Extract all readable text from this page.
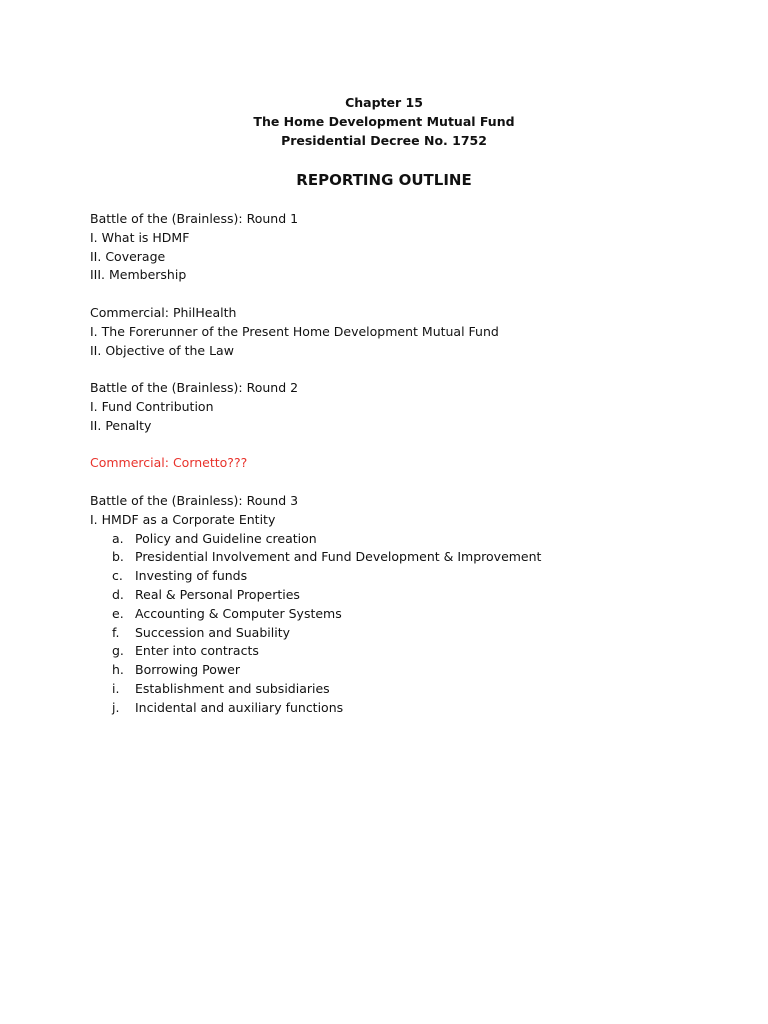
Chapter 15
The Home Development Mutual Fund
Presidential Decree No. 1752
REPORTING OUTLINE
Battle of the (Brainless): Round 1
I. What is HDMF
II. Coverage
III. Membership
Commercial: PhilHealth
I. The Forerunner of the Present Home Development Mutual Fund
II. Objective of the Law
Battle of the (Brainless): Round 2
I. Fund Contribution
II. Penalty
Commercial: Cornetto???
Battle of the (Brainless): Round 3
I. HMDF as a Corporate Entity
a. Policy and Guideline creation
b. Presidential Involvement and Fund Development & Improvement
c. Investing of funds
d. Real & Personal Properties
e. Accounting & Computer Systems
f.	Succession and Suability
g. Enter into contracts
h. Borrowing Power
i.	Establishment and subsidiaries
j.	Incidental and auxiliary functions
